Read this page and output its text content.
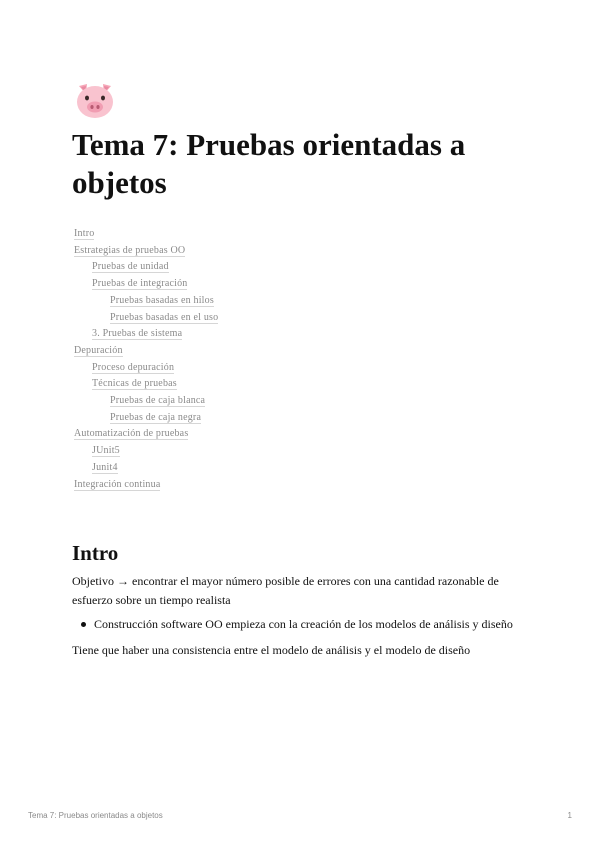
Tema 7: Pruebas orientadas a objetos
Intro
Estrategias de pruebas OO
Pruebas de unidad
Pruebas de integración
Pruebas basadas en hilos
Pruebas basadas en el uso
3. Pruebas de sistema
Depuración
Proceso depuración
Técnicas de pruebas
Pruebas de caja blanca
Pruebas de caja negra
Automatización de pruebas
JUnit5
Junit4
Integración continua
Intro

Objetivo → encontrar el mayor número posible de errores con una cantidad razonable de esfuerzo sobre un tiempo realista

Construcción software OO empieza con la creación de los modelos de análisis y diseño

Tiene que haber una consistencia entre el modelo de análisis y el modelo de diseño

Tema 7: Pruebas orientadas a objetos	1
